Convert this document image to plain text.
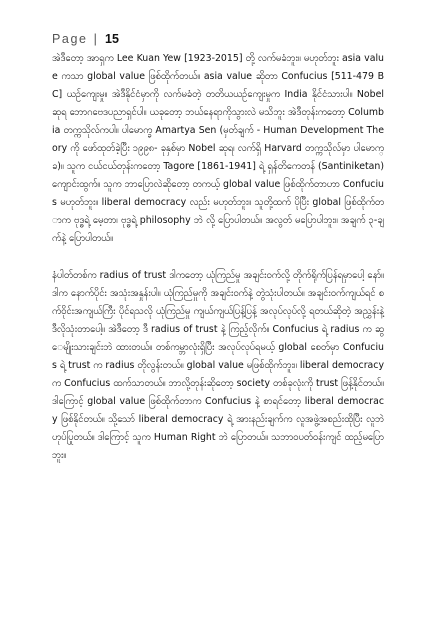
Page | 15

အဲဒီတော့ အာရှက Lee Kuan Yew [1923-2015] တို့ လက်မခံဘူး။ မဟုတ်ဘူး asia value ကသာ global value ဖြစ်ထိုက်တယ်။ asia value ဆိုတာ Confucius [511-479 BC] ယဉ်ကျေးမှု။ အဲဒီနိုင်ငံမှာကို လက်မခံတဲ့ တတိယယဉ်ကျေးမှုက India နိုင်ငံသားပါ။ Nobel ဆုရ ဘောဂဗေဒပညာရှင်ပါ။ ယခုတော့ ဘယ်နေရာကိုသွားလဲ မသိဘူး အဲဒီတုန်းကတော့ Columbia တက္ကသိုလ်ကပါ။ ပါမောက္ခ Amartya Sen (မှတ်ချက် - Human Development Theory ကို ဖော်ထုတ်ခဲ့ပြီး ၁၉၉၈- ခုနှစ်မှာ Nobel ဆုရ၊ လက်ရှိ Harvard တက္ကသိုလ်မှာ ပါမောက္ခ)။ သူက ငယ်ငယ်တုန်းကတော့ Tagore [1861-1941] ရဲ့ ရှန်တိကေတန် (Santiniketan) ကျောင်းထွက်။ သူက ဘာပြောလဲဆိုတော့ တကယ့် global value ဖြစ်ထိုက်တာဟာ Confucius မဟုတ်ဘူး။ liberal democracy လည်း မဟုတ်ဘူး။ သူတို့ထက် ပိုပြီး global ဖြစ်ထိုက်တာက ဗုဒ္ဓရဲ့ မေ့တာ၊ ဗုဒ္ဓရဲ့ philosophy ဘဲ လို့ ပြောပါတယ်။ အလွတ် မပြောပါဘူး။ အချက် ၃-ချက်နဲ့ ပြောပါတယ်။

နံပါတ်တစ်က radius of trust ဒါကတော့ ယုံကြည်မှု အချင်းဝက်လို့ တိုက်ရိုက်ပြန်ရမှာပေါ့ နော်။ ဒါက နောက်ပိုင်း အသုံးအနှုန်းပါ။ ယုံကြည်မှုကို အချင်းဝက်နဲ့ တွဲသုံးပါတယ်။ အချင်းဝက်ကျယ်ရင် စက်ဝိုင်းအကျယ်ကြီး ပိုင်ရသလို ယုံကြည်မှု ကျယ်ကျယ်ပြန့်ပြန့် အလုပ်လုပ်လို့ ရတယ်ဆိုတဲ့ အညွှန်းနဲ့ ဒီလိုသုံးတာပေါ့။ အဲဒီတော့ ဒီ radius of trust နဲ့ ကြည့်လိုက်။ Confucius ရဲ့ radius က ဆွေမျိုးသားချင်းဘဲ ထားတယ်။ တစ်ကမ္ဘာလုံးရှိပြီး အလုပ်လုပ်ရမယ့် global စေတ်မှာ Confucius ရဲ့ trust က radius တိုလွန်းတယ်။ global value မဖြစ်ထိုက်ဘူး။ liberal democracy က Confucius ထက်သာတယ်။ ဘာလို့တုန်းဆိုတော့ society တစ်ခုလုံးကို trust ဖြန့်နိုင်တယ်။ ဒါကြောင့် global value ဖြစ်ထိုက်တာက Confucius နဲ့ စာရင်တော့ liberal democracy ဖြစ်နိုင်တယ်။ သို့သော် liberal democracy ရဲ့ အားနည်းချက်က လူအဖွဲ့အစည်းထိုပြီး လူဘဲဟုပ်ပြုတယ်။ ဒါကြောင့် သူက Human Right ဘဲ ပြောတယ်။ သဘာဝပတ်ဝန်းကျင် ထည့်မပြောဘူး။
